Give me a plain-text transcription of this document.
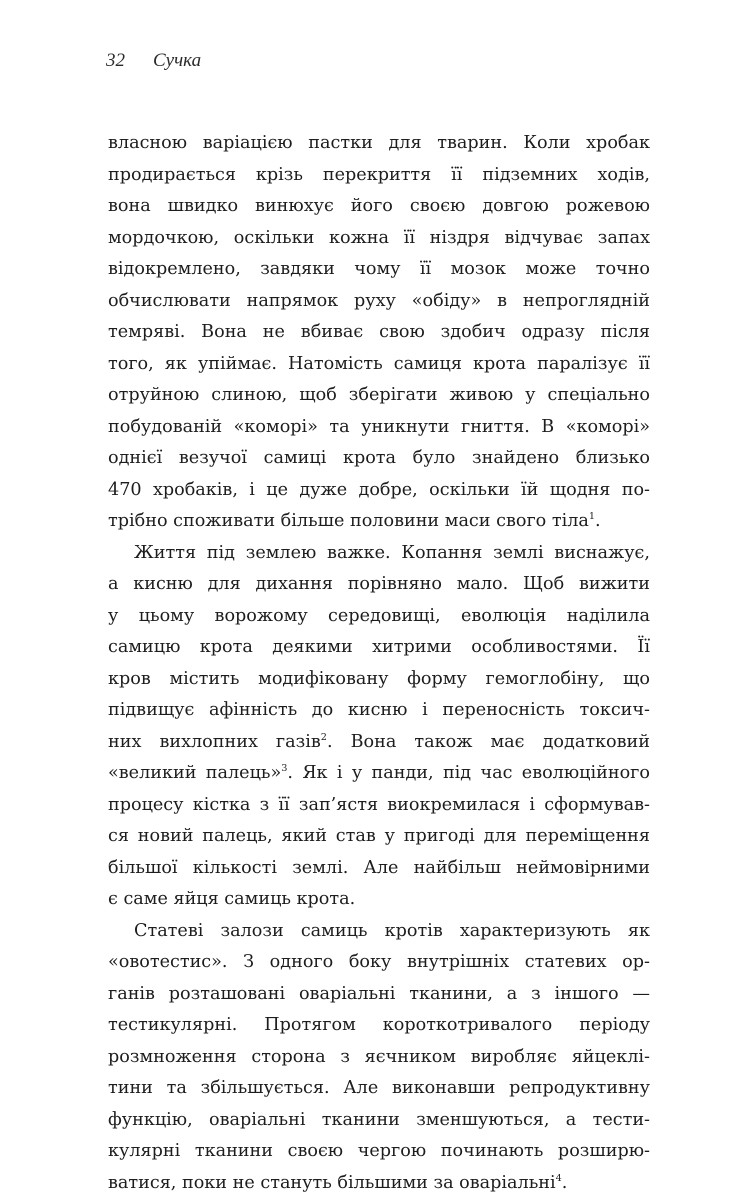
32 Сучка
власною варіацією пастки для тварин. Коли хробак
продирається крізь перекриття її підземних ходів,
вона швидко винюхує його своєю довгою рожевою
мордочкою, оскільки кожна її ніздря відчуває запах
відокремлено, завдяки чому її мозок може точно
обчислювати напрямок руху «обіду» в непроглядній
темряві. Вона не вбиває свою здобич одразу після
того, як упіймає. Натомість самиця крота паралізує її
отруйною слиною, щоб зберігати живою у спеціально
побудованій «коморі» та уникнути гниття. В «коморі»
однієї везучої самиці крота було знайдено близько
470 хробаків, і це дуже добре, оскільки їй щодня по-
трібно споживати більше половини маси свого тіла$^1$.
Життя під землею важке. Копання землі виснажує,
а кисню для дихання порівняно мало. Щоб вижити
у цьому ворожому середовищі, еволюція наділила
самицю крота деякими хитрими особливостями. Її
кров містить модифіковану форму гемоглобіну, що
підвищує афінність до кисню і переносність токсич-
них вихлопних газів$^2$. Вона також має додатковий
«великий палець»$^3$. Як і у панди, під час еволюційного
процесу кістка з її зап’ястя виокремилася і сформував-
ся новий палець, який став у пригоді для переміщення
більшої кількості землі. Але найбільш неймовірними
є саме яйця самиць крота.
Статеві залози самиць кротів характеризують як
«овотестис». З одного боку внутрішніх статевих ор-
ганів розташовані оваріальні тканини, а з іншого —
тестикулярні. Протягом короткотривалого періоду
розмноження сторона з яєчником виробляє яйцеклі-
тини та збільшується. Але виконавши репродуктивну
функцію, оваріальні тканини зменшуються, а тести-
кулярні тканини своєю чергою починають розширю-
ватися, поки не стануть більшими за оваріальні$^4$.
